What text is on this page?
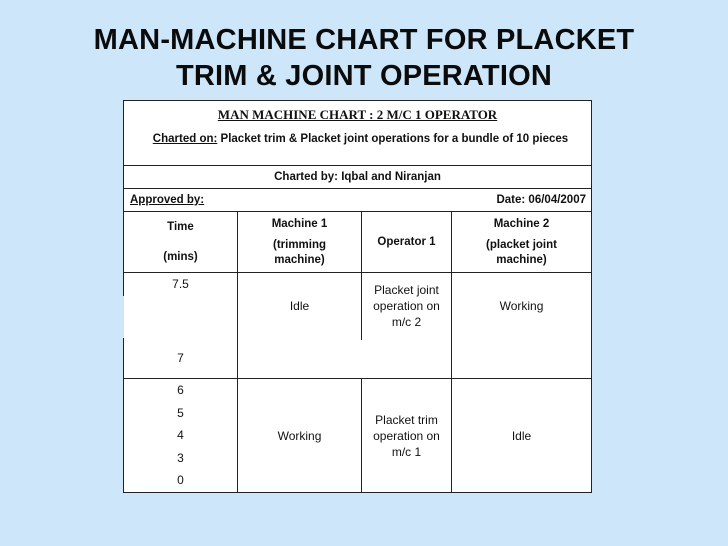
MAN-MACHINE CHART FOR PLACKET
TRIM & JOINT OPERATION
MAN MACHINE CHART : 2 M/C 1 OPERATOR
Charted on: Placket trim & Placket joint operations for a bundle of 10 pieces
Charted by: Iqbal and Niranjan
Approved by:	Date: 06/04/2007
Time
(mins)
Machine 1
(trimming machine)
Operator 1
Machine 2
(placket joint machine)
7.5
Idle
Placket joint operation on m/c 2
Working
7
6
5
4
3
0
Working
Placket trim operation on m/c 1
Idle
